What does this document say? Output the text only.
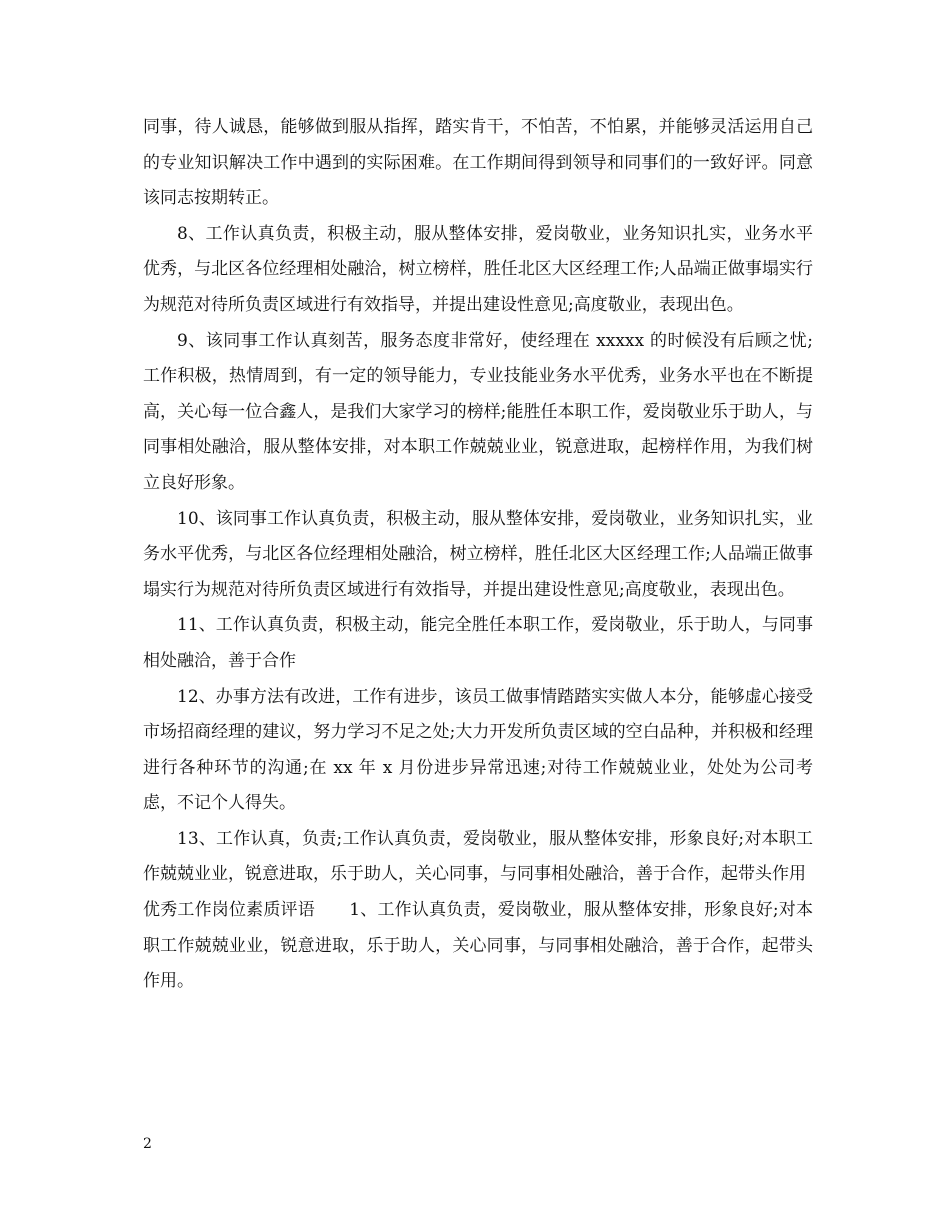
同事，待人诚恳，能够做到服从指挥，踏实肯干，不怕苦，不怕累，并能够灵活运用自己的专业知识解决工作中遇到的实际困难。在工作期间得到领导和同事们的一致好评。同意该同志按期转正。

8、工作认真负责，积极主动，服从整体安排，爱岗敬业，业务知识扎实，业务水平优秀，与北区各位经理相处融洽，树立榜样，胜任北区大区经理工作;人品端正做事塌实行为规范对待所负责区域进行有效指导，并提出建设性意见;高度敬业，表现出色。

9、该同事工作认真刻苦，服务态度非常好，使经理在 xxxxx 的时候没有后顾之忧;工作积极，热情周到，有一定的领导能力，专业技能业务水平优秀，业务水平也在不断提高，关心每一位合鑫人，是我们大家学习的榜样;能胜任本职工作，爱岗敬业乐于助人，与同事相处融洽，服从整体安排，对本职工作兢兢业业，锐意进取，起榜样作用，为我们树立良好形象。

10、该同事工作认真负责，积极主动，服从整体安排，爱岗敬业，业务知识扎实，业务水平优秀，与北区各位经理相处融洽，树立榜样，胜任北区大区经理工作;人品端正做事塌实行为规范对待所负责区域进行有效指导，并提出建设性意见;高度敬业，表现出色。

11、工作认真负责，积极主动，能完全胜任本职工作，爱岗敬业，乐于助人，与同事相处融洽，善于合作

12、办事方法有改进，工作有进步，该员工做事情踏踏实实做人本分，能够虚心接受市场招商经理的建议，努力学习不足之处;大力开发所负责区域的空白品种，并积极和经理进行各种环节的沟通;在 xx 年 x 月份进步异常迅速;对待工作兢兢业业，处处为公司考虑，不记个人得失。

13、工作认真，负责;工作认真负责，爱岗敬业，服从整体安排，形象良好;对本职工作兢兢业业，锐意进取，乐于助人，关心同事，与同事相处融洽，善于合作，起带头作用

优秀工作岗位素质评语　　1、工作认真负责，爱岗敬业，服从整体安排，形象良好;对本职工作兢兢业业，锐意进取，乐于助人，关心同事，与同事相处融洽，善于合作，起带头作用。

2
